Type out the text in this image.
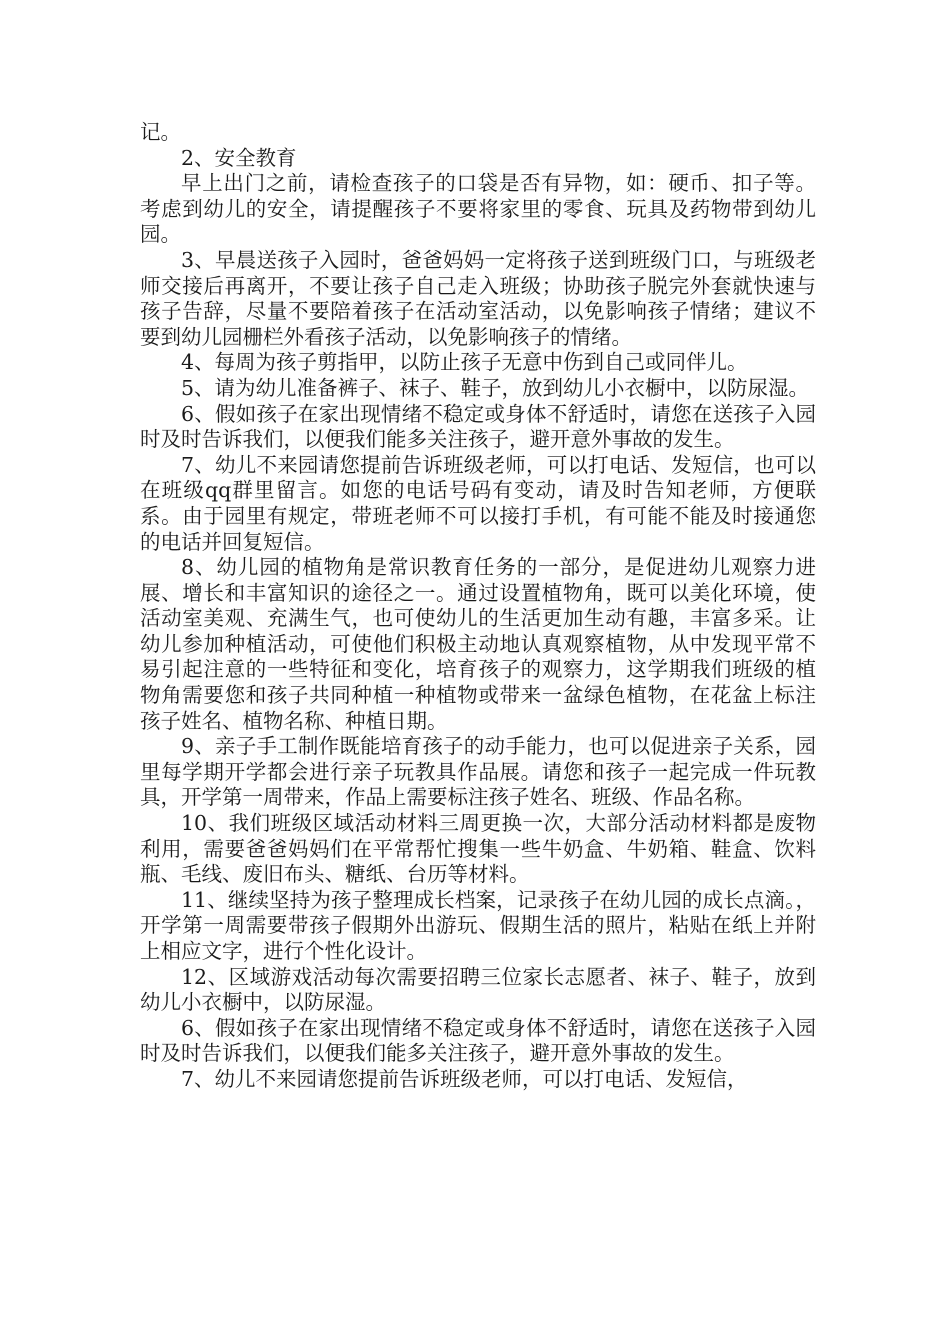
记。

2、安全教育

早上出门之前，请检查孩子的口袋是否有异物，如：硬币、扣子等。考虑到幼儿的安全，请提醒孩子不要将家里的零食、玩具及药物带到幼儿园。

3、早晨送孩子入园时，爸爸妈妈一定将孩子送到班级门口，与班级老师交接后再离开，不要让孩子自己走入班级；协助孩子脱完外套就快速与孩子告辞，尽量不要陪着孩子在活动室活动，以免影响孩子情绪；建议不要到幼儿园栅栏外看孩子活动，以免影响孩子的情绪。

4、每周为孩子剪指甲，以防止孩子无意中伤到自己或同伴儿。

5、请为幼儿准备裤子、袜子、鞋子，放到幼儿小衣橱中，以防尿湿。

6、假如孩子在家出现情绪不稳定或身体不舒适时，请您在送孩子入园时及时告诉我们，以便我们能多关注孩子，避开意外事故的发生。

7、幼儿不来园请您提前告诉班级老师，可以打电话、发短信，也可以在班级qq群里留言。如您的电话号码有变动，请及时告知老师，方便联系。由于园里有规定，带班老师不可以接打手机，有可能不能及时接通您的电话并回复短信。

8、幼儿园的植物角是常识教育任务的一部分，是促进幼儿观察力进展、增长和丰富知识的途径之一。通过设置植物角，既可以美化环境，使活动室美观、充满生气，也可使幼儿的生活更加生动有趣，丰富多采。让幼儿参加种植活动，可使他们积极主动地认真观察植物，从中发现平常不易引起注意的一些特征和变化，培育孩子的观察力，这学期我们班级的植物角需要您和孩子共同种植一种植物或带来一盆绿色植物，在花盆上标注孩子姓名、植物名称、种植日期。

9、亲子手工制作既能培育孩子的动手能力，也可以促进亲子关系，园里每学期开学都会进行亲子玩教具作品展。请您和孩子一起完成一件玩教具，开学第一周带来，作品上需要标注孩子姓名、班级、作品名称。

10、我们班级区域活动材料三周更换一次，大部分活动材料都是废物利用，需要爸爸妈妈们在平常帮忙搜集一些牛奶盒、牛奶箱、鞋盒、饮料瓶、毛线、废旧布头、糖纸、台历等材料。

11、继续坚持为孩子整理成长档案，记录孩子在幼儿园的成长点滴。，开学第一周需要带孩子假期外出游玩、假期生活的照片，粘贴在纸上并附上相应文字，进行个性化设计。

12、区域游戏活动每次需要招聘三位家长志愿者、袜子、鞋子，放到幼儿小衣橱中，以防尿湿。

6、假如孩子在家出现情绪不稳定或身体不舒适时，请您在送孩子入园时及时告诉我们，以便我们能多关注孩子，避开意外事故的发生。

7、幼儿不来园请您提前告诉班级老师，可以打电话、发短信，
